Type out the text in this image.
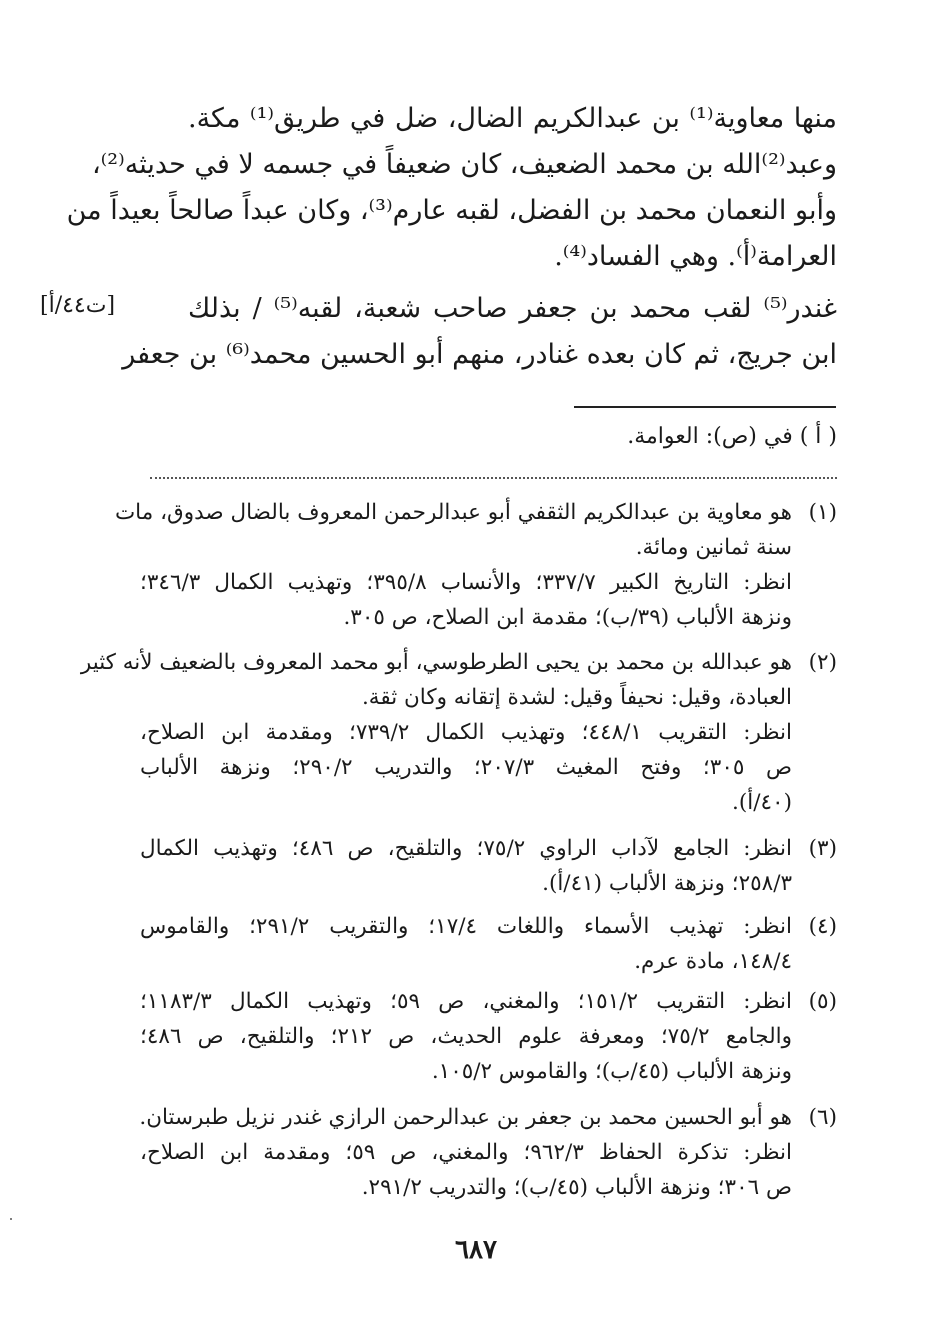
منها معاوية⁽¹⁾ بن عبدالكريم الضال، ضل في طريق⁽¹⁾ مكة.
وعبد⁽²⁾الله بن محمد الضعيف، كان ضعيفاً في جسمه لا في حديثه⁽²⁾،
وأبو النعمان محمد بن الفضل، لقبه عارم⁽³⁾، وكان عبداً صالحاً بعيداً من
العرامة⁽أ⁾. وهي الفساد⁽⁴⁾.
غندر⁽⁵⁾ لقب محمد بن جعفر صاحب شعبة، لقبه⁽⁵⁾ / بذلك
ابن جريج، ثم كان بعده غنادر، منهم أبو الحسين محمد⁽⁶⁾ بن جعفر
[ت٤٤/أ]
( أ ) في (ص): العوامة.
(١)
هو معاوية بن عبدالكريم الثقفي أبو عبدالرحمن المعروف بالضال صدوق، مات
سنة ثمانين ومائة.
انظر: التاريخ الكبير ٣٣٧/٧؛ والأنساب ٣٩٥/٨؛ وتهذيب الكمال ٣٤٦/٣؛
ونزهة الألباب (٣٩/ب)؛ مقدمة ابن الصلاح، ص ٣٠٥.
(٢)
هو عبدالله بن محمد بن يحيى الطرطوسي، أبو محمد المعروف بالضعيف لأنه كثير
العبادة، وقيل: نحيفاً وقيل: لشدة إتقانه وكان ثقة.
انظر: التقريب ٤٤٨/١؛ وتهذيب الكمال ٧٣٩/٢؛ ومقدمة ابن الصلاح،
ص ٣٠٥؛ وفتح المغيث ٢٠٧/٣؛ والتدريب ٢٩٠/٢؛ ونزهة الألباب
(٤٠/أ).
(٣)
انظر: الجامع لآداب الراوي ٧٥/٢؛ والتلقيح، ص ٤٨٦؛ وتهذيب الكمال
٢٥٨/٣؛ ونزهة الألباب (٤١/أ).
(٤)
انظر: تهذيب الأسماء واللغات ١٧/٤؛ والتقريب ٢٩١/٢؛ والقاموس
١٤٨/٤، مادة عرم.
(٥)
انظر: التقريب ١٥١/٢؛ والمغني، ص ٥٩؛ وتهذيب الكمال ١١٨٣/٣؛
والجامع ٧٥/٢؛ ومعرفة علوم الحديث، ص ٢١٢؛ والتلقيح، ص ٤٨٦؛
ونزهة الألباب (٤٥/ب)؛ والقاموس ١٠٥/٢.
(٦)
هو أبو الحسين محمد بن جعفر بن عبدالرحمن الرازي غندر نزيل طبرستان.
انظر: تذكرة الحفاظ ٩٦٢/٣؛ والمغني، ص ٥٩؛ ومقدمة ابن الصلاح،
ص ٣٠٦؛ ونزهة الألباب (٤٥/ب)؛ والتدريب ٢٩١/٢.
٦٨٧
